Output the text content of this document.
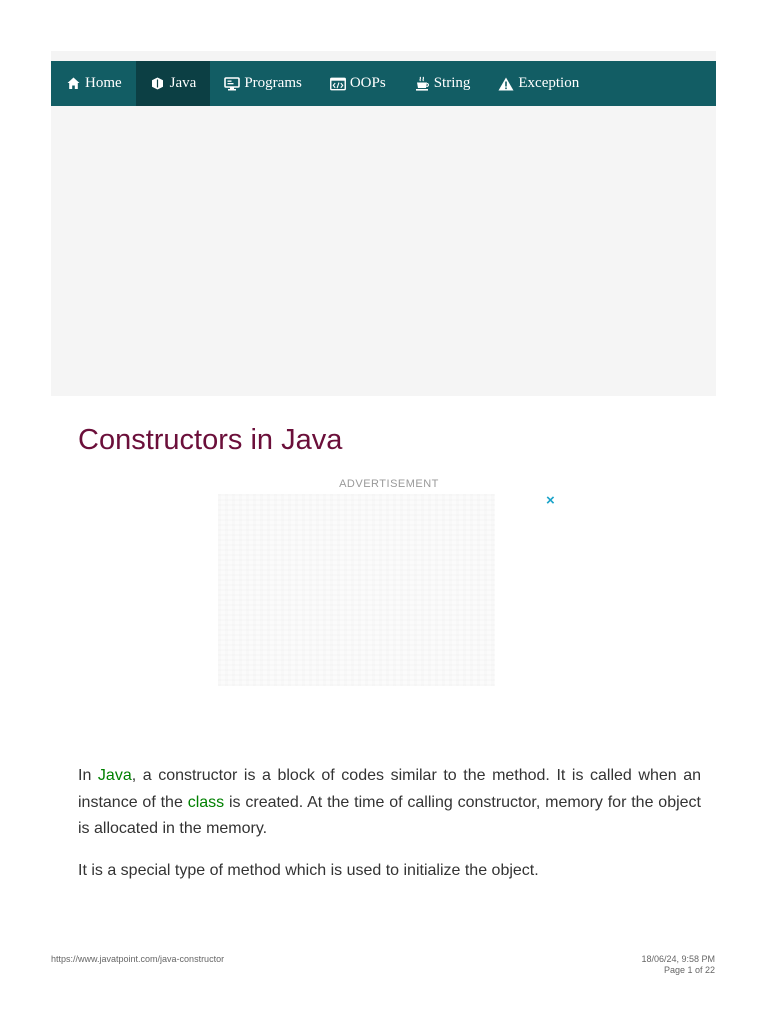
Home	Java	Programs	OOPs	String	Exception
Constructors in Java
ADVERTISEMENT
×

In Java, a constructor is a block of codes similar to the method. It is called when an instance of the class is created. At the time of calling constructor, memory for the object is allocated in the memory.

It is a special type of method which is used to initialize the object.

https://www.javatpoint.com/java-constructor	18/06/24, 9:58 PM
Page 1 of 22
